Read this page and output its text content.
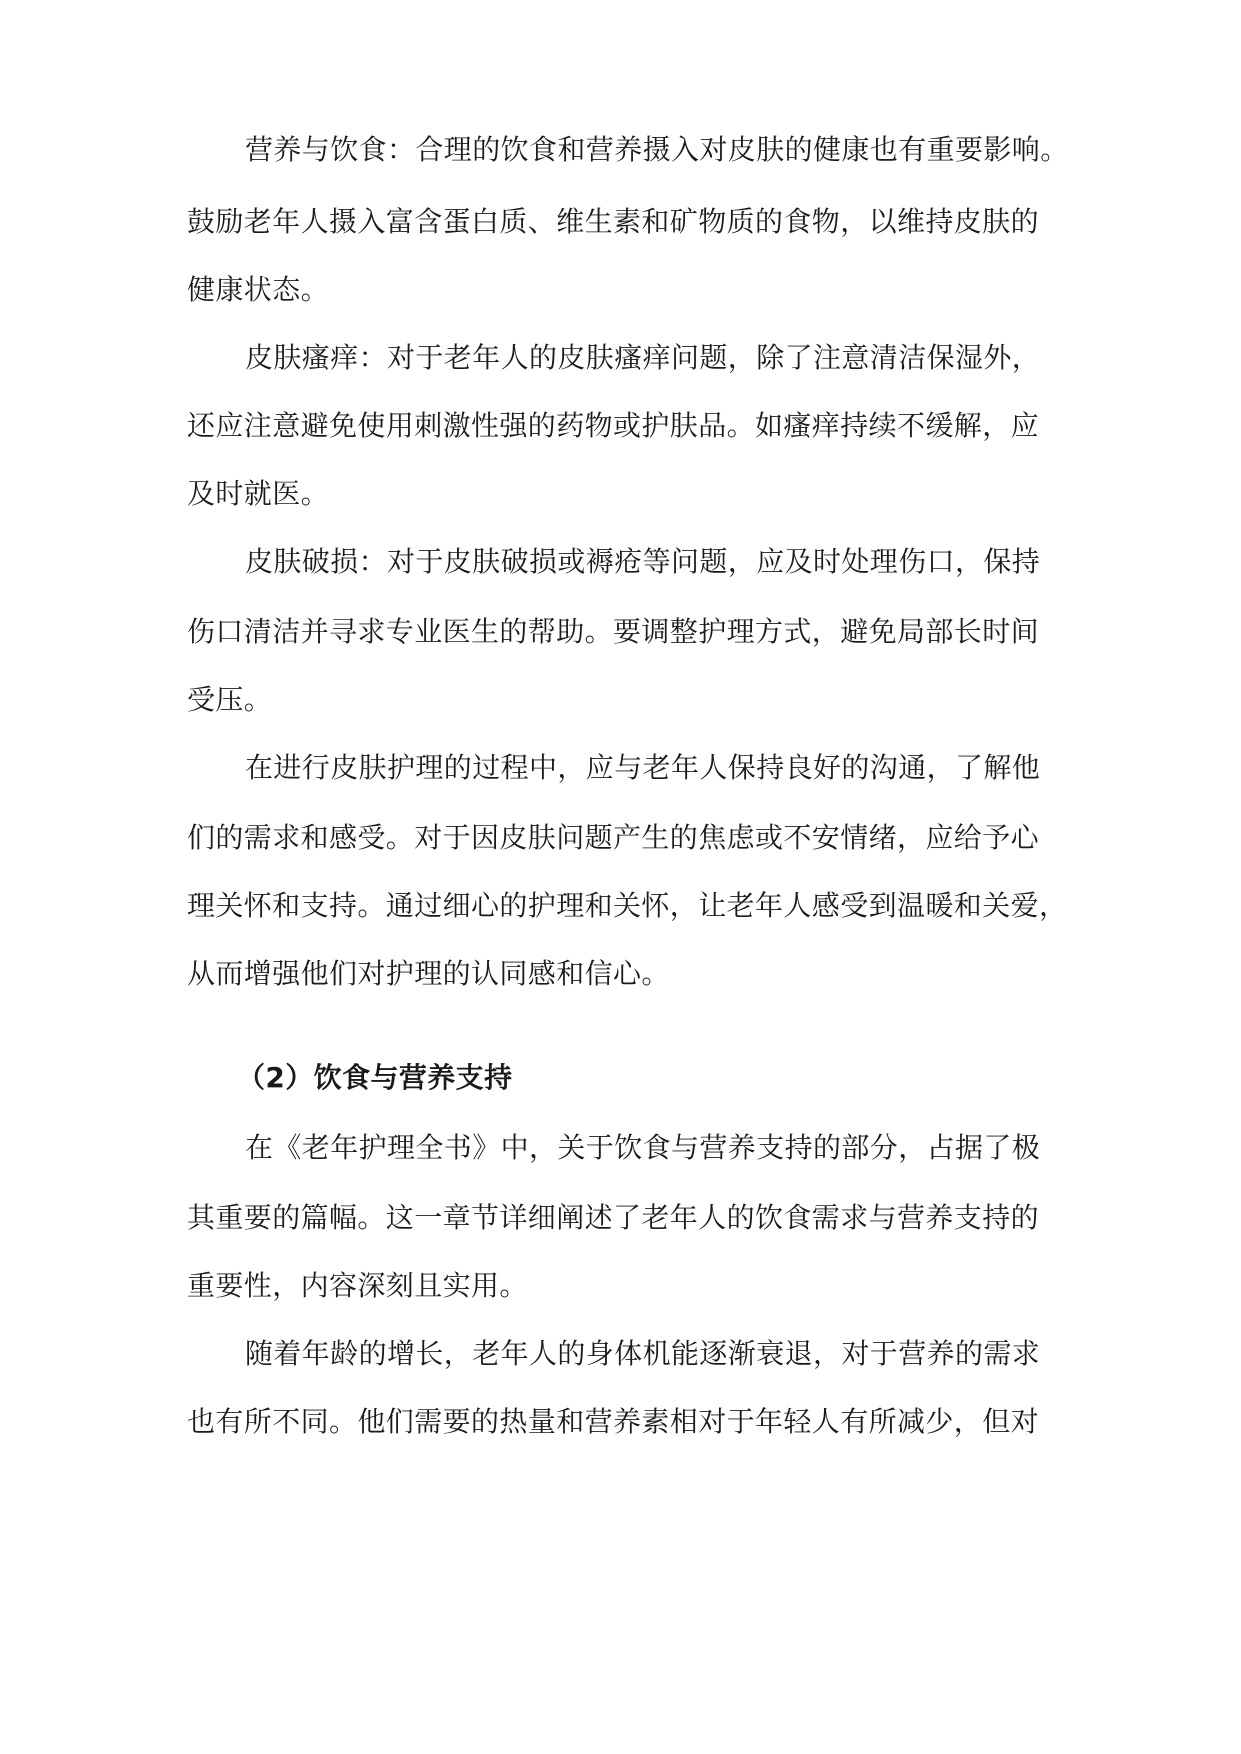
营养与饮食：合理的饮食和营养摄入对皮肤的健康也有重要影响。
鼓励老年人摄入富含蛋白质、维生素和矿物质的食物，以维持皮肤的
健康状态。
皮肤瘙痒：对于老年人的皮肤瘙痒问题，除了注意清洁保湿外，
还应注意避免使用刺激性强的药物或护肤品。如瘙痒持续不缓解，应
及时就医。
皮肤破损：对于皮肤破损或褥疮等问题，应及时处理伤口，保持
伤口清洁并寻求专业医生的帮助。要调整护理方式，避免局部长时间
受压。
在进行皮肤护理的过程中，应与老年人保持良好的沟通，了解他
们的需求和感受。对于因皮肤问题产生的焦虑或不安情绪，应给予心
理关怀和支持。通过细心的护理和关怀，让老年人感受到温暖和关爱，
从而增强他们对护理的认同感和信心。
（2）饮食与营养支持
在《老年护理全书》中，关于饮食与营养支持的部分，占据了极
其重要的篇幅。这一章节详细阐述了老年人的饮食需求与营养支持的
重要性，内容深刻且实用。
随着年龄的增长，老年人的身体机能逐渐衰退，对于营养的需求
也有所不同。他们需要的热量和营养素相对于年轻人有所减少，但对
